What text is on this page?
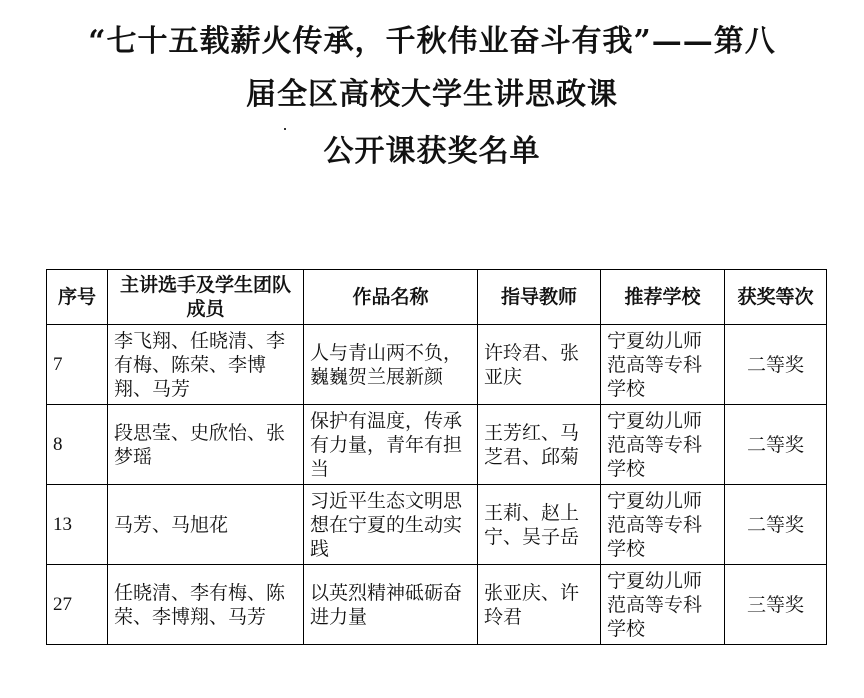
“七十五载薪火传承，千秋伟业奋斗有我”——第八
届全区高校大学生讲思政课
公开课获奖名单
序号	主讲选手及学生团队成员	作品名称	指导教师	推荐学校	获奖等次
7	李飞翔、任晓清、李有梅、陈荣、李博翔、马芳	人与青山两不负，巍巍贺兰展新颜	许玲君、张亚庆	宁夏幼儿师范高等专科学校	二等奖
8	段思莹、史欣怡、张梦瑶	保护有温度，传承有力量，青年有担当	王芳红、马芝君、邱菊	宁夏幼儿师范高等专科学校	二等奖
13	马芳、马旭花	习近平生态文明思想在宁夏的生动实践	王莉、赵上宁、吴子岳	宁夏幼儿师范高等专科学校	二等奖
27	任晓清、李有梅、陈荣、李博翔、马芳	以英烈精神砥砺奋进力量	张亚庆、许玲君	宁夏幼儿师范高等专科学校	三等奖
